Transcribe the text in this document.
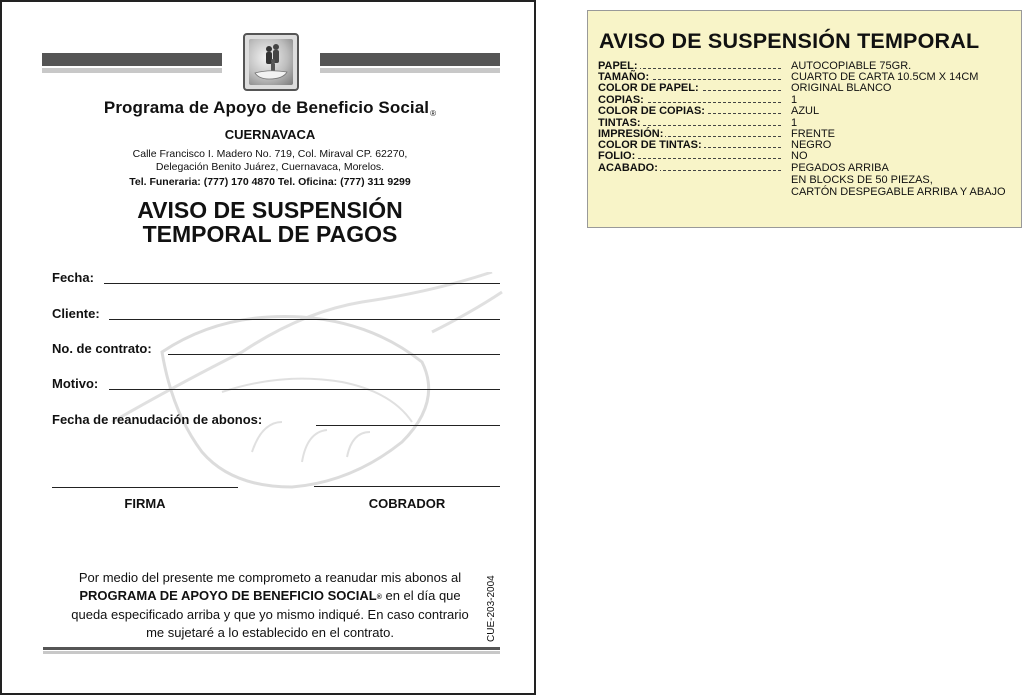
Programa de Apoyo de Beneficio Social®
CUERNAVACA
Calle Francisco I. Madero No. 719, Col. Miraval CP. 62270,
Delegación Benito Juárez, Cuernavaca, Morelos.
Tel. Funeraria: (777) 170 4870 Tel. Oficina: (777) 311 9299
AVISO DE SUSPENSIÓN
TEMPORAL DE PAGOS
Fecha:
Cliente:
No. de contrato:
Motivo:
Fecha de reanudación de abonos:
FIRMA	COBRADOR
Por medio del presente me comprometo a reanudar mis abonos al PROGRAMA DE APOYO DE BENEFICIO SOCIAL® en el día que queda especificado arriba y que yo mismo indiqué. En caso contrario me sujetaré a lo establecido en el contrato.	CUE-203-2004
AVISO DE SUSPENSIÓN TEMPORAL
PAPEL:	AUTOCOPIABLE 75GR.
TAMAÑO:	CUARTO DE CARTA 10.5CM X 14CM
COLOR DE PAPEL:	ORIGINAL BLANCO
COPIAS:	1
COLOR DE COPIAS:	AZUL
TINTAS:	1
IMPRESIÓN:	FRENTE
COLOR DE TINTAS:	NEGRO
FOLIO:	NO
ACABADO:	PEGADOS ARRIBA
EN BLOCKS DE 50 PIEZAS,
CARTÓN DESPEGABLE ARRIBA Y ABAJO
